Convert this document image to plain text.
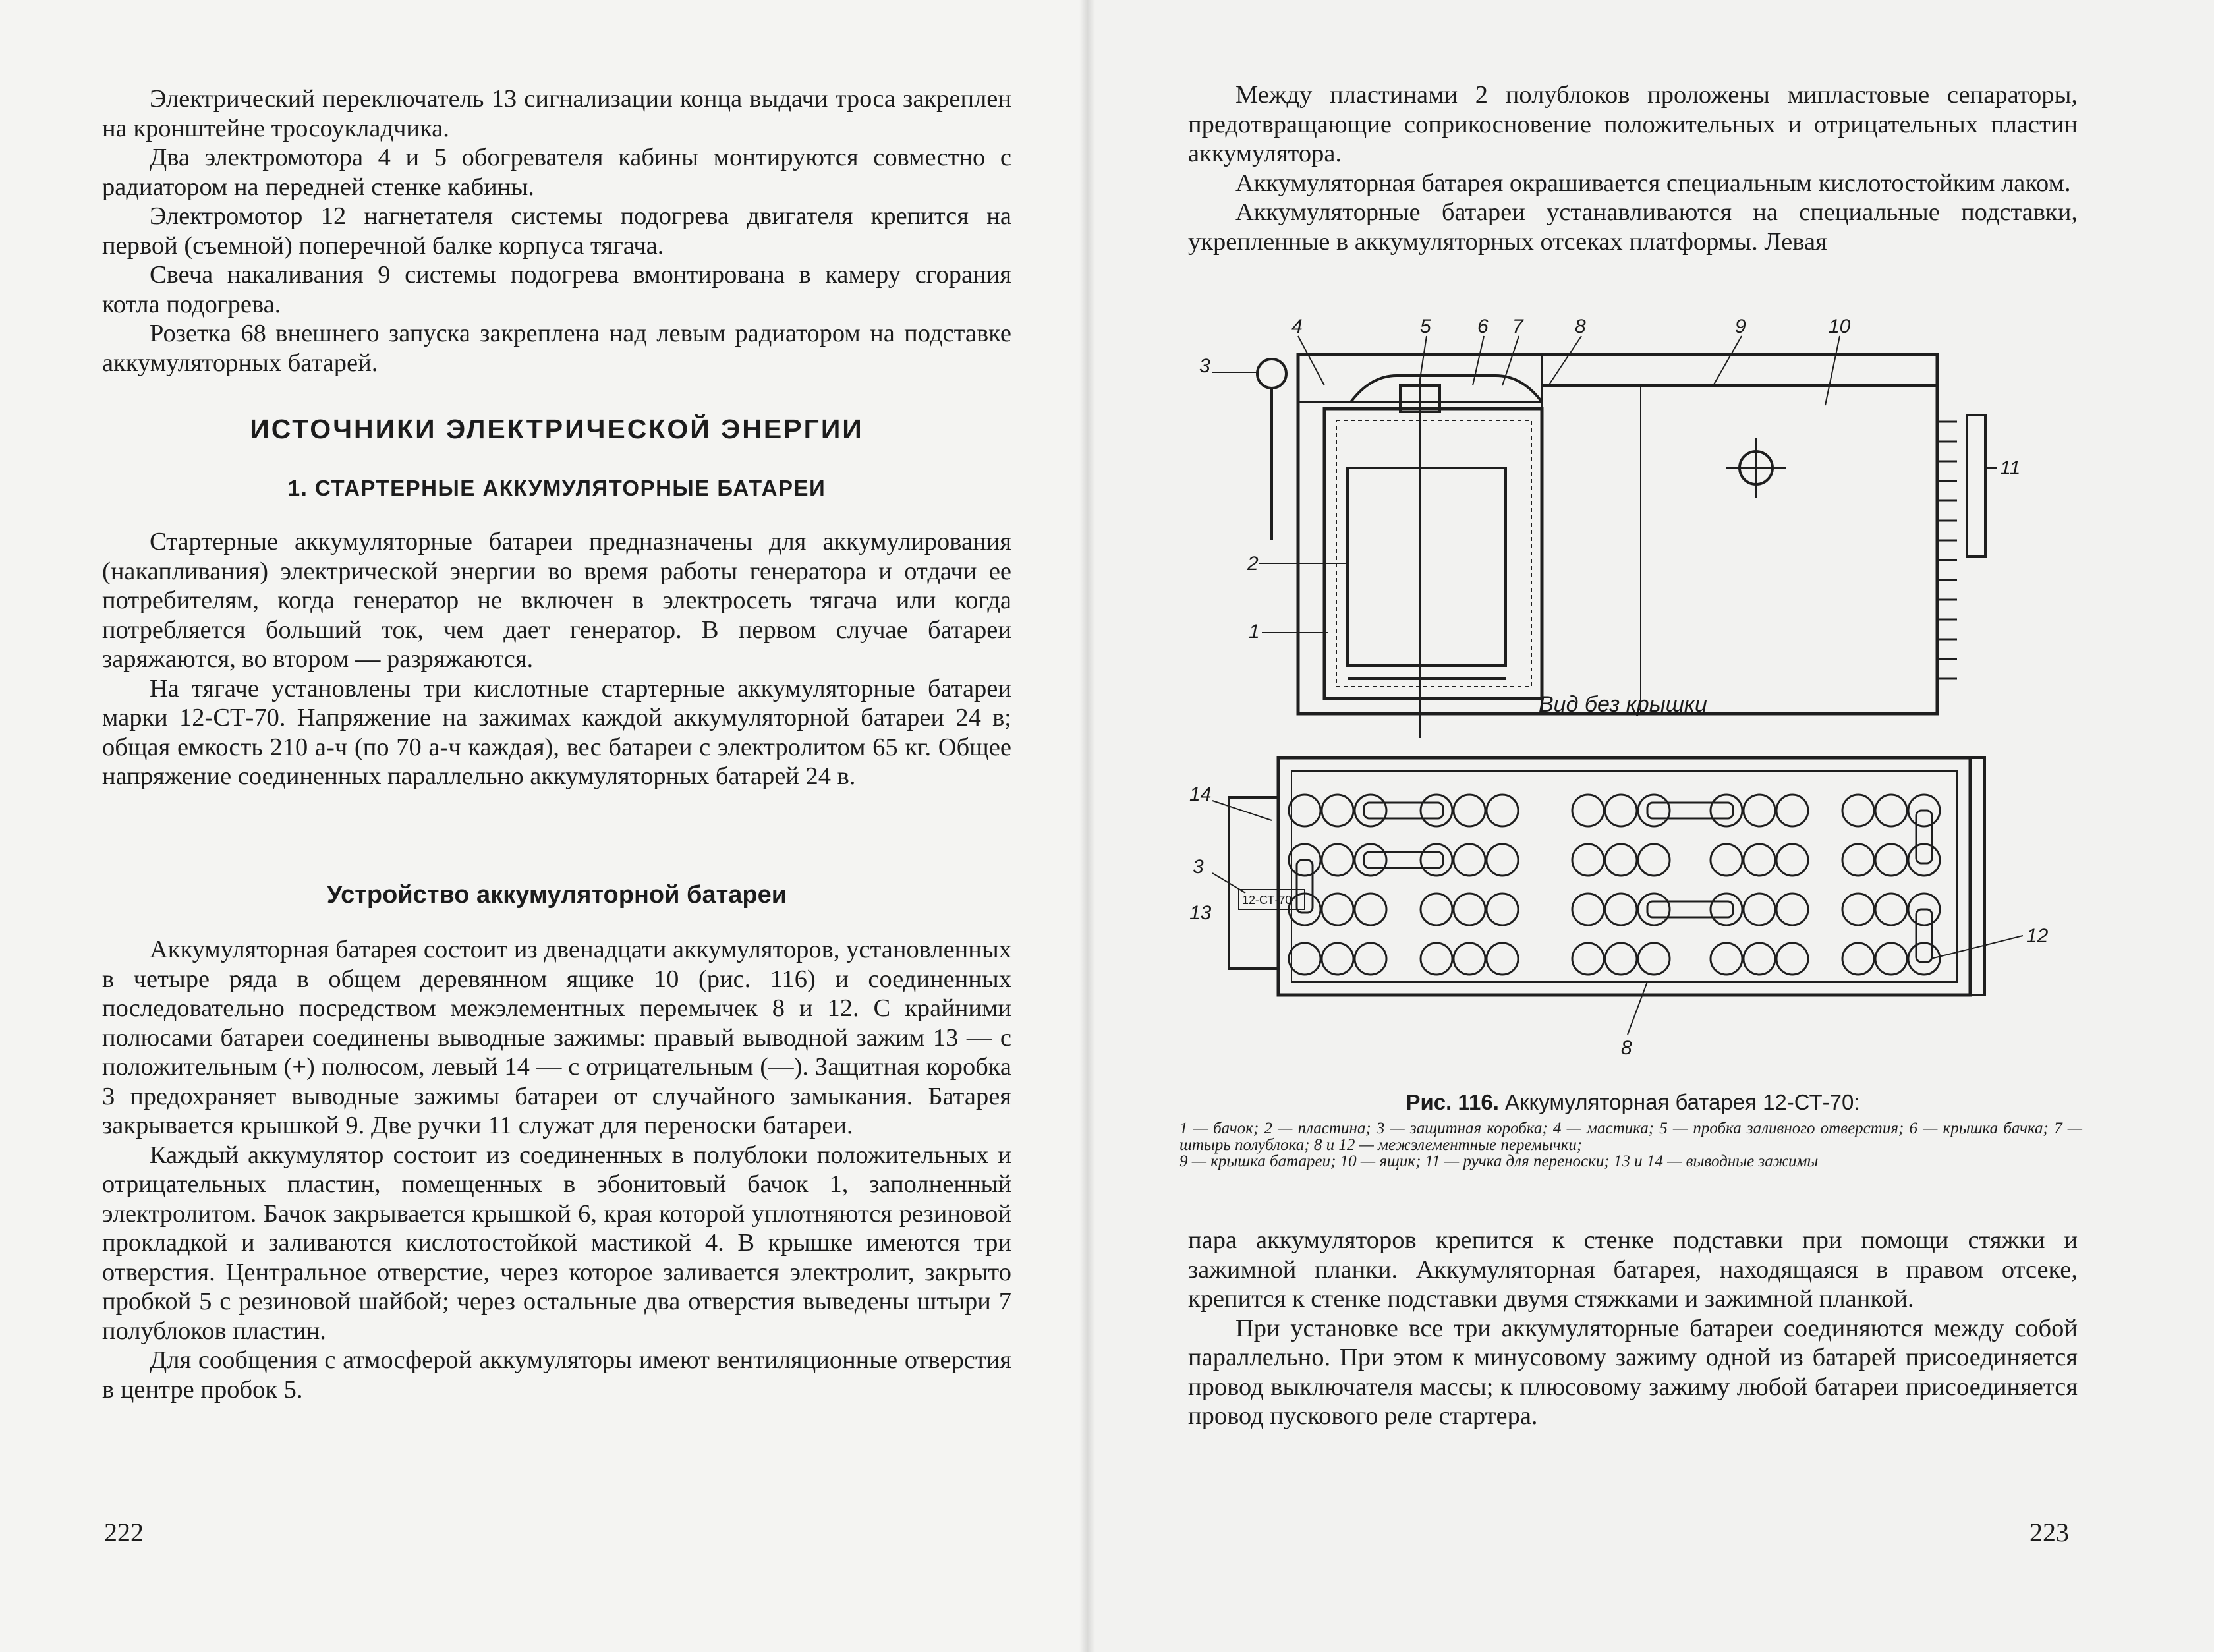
Электрический переключатель 13 сигнализации конца выдачи троса закреплен на кронштейне тросоукладчика.

Два электромотора 4 и 5 обогревателя кабины монтируются совместно с радиатором на передней стенке кабины.

Электромотор 12 нагнетателя системы подогрева двигателя крепится на первой (съемной) поперечной балке корпуса тягача.

Свеча накаливания 9 системы подогрева вмонтирована в камеру сгорания котла подогрева.

Розетка 68 внешнего запуска закреплена над левым радиатором на подставке аккумуляторных батарей.

ИСТОЧНИКИ ЭЛЕКТРИЧЕСКОЙ ЭНЕРГИИ
1. СТАРТЕРНЫЕ АККУМУЛЯТОРНЫЕ БАТАРЕИ

Стартерные аккумуляторные батареи предназначены для аккумулирования (накапливания) электрической энергии во время работы генератора и отдачи ее потребителям, когда генератор не включен в электросеть тягача или когда потребляется больший ток, чем дает генератор. В первом случае батареи заряжаются, во втором — разряжаются.

На тягаче установлены три кислотные стартерные аккумуляторные батареи марки 12-СТ-70. Напряжение на зажимах каждой аккумуляторной батареи 24 в; общая емкость 210 а-ч (по 70 а-ч каждая), вес батареи с электролитом 65 кг. Общее напряжение соединенных параллельно аккумуляторных батарей 24 в.

Устройство аккумуляторной батареи

Аккумуляторная батарея состоит из двенадцати аккумуляторов, установленных в четыре ряда в общем деревянном ящике 10 (рис. 116) и соединенных последовательно посредством межэлементных перемычек 8 и 12. С крайними полюсами батареи соединены выводные зажимы: правый выводной зажим 13 — с положительным (+) полюсом, левый 14 — с отрицательным (—). Защитная коробка 3 предохраняет выводные зажимы батареи от случайного замыкания. Батарея закрывается крышкой 9. Две ручки 11 служат для переноски батареи.

Каждый аккумулятор состоит из соединенных в полублоки положительных и отрицательных пластин, помещенных в эбонитовый бачок 1, заполненный электролитом. Бачок закрывается крышкой 6, края которой уплотняются резиновой прокладкой и заливаются кислотостойкой мастикой 4. В крышке имеются три отверстия. Центральное отверстие, через которое заливается электролит, закрыто пробкой 5 с резиновой шайбой; через остальные два отверстия выведены штыри 7 полублоков пластин.

Для сообщения с атмосферой аккумуляторы имеют вентиляционные отверстия в центре пробок 5.

222

Между пластинами 2 полублоков проложены мипластовые сепараторы, предотвращающие соприкосновение положительных и отрицательных пластин аккумулятора.

Аккумуляторная батарея окрашивается специальным кислотостойким лаком.

Аккумуляторные батареи устанавливаются на специальные подставки, укрепленные в аккумуляторных отсеках платформы. Левая

3
2
1
4	5 6 7	8	9	10
11
Вид без крышки
14
3
13
12
8
12-СТ-70
Рис. 116. Аккумуляторная батарея 12-СТ-70:

1 — бачок; 2 — пластина; 3 — защитная коробка; 4 — мастика; 5 — пробка заливного отверстия; 6 — крышка бачка; 7 — штырь полублока; 8 и 12 — межэлементные перемычки;

9 — крышка батареи; 10 — ящик; 11 — ручка для переноски; 13 и 14 — выводные зажимы

пара аккумуляторов крепится к стенке подставки при помощи стяжки и зажимной планки. Аккумуляторная батарея, находящаяся в правом отсеке, крепится к стенке подставки двумя стяжками и зажимной планкой.

При установке все три аккумуляторные батареи соединяются между собой параллельно. При этом к минусовому зажиму одной из батарей присоединяется провод выключателя массы; к плюсовому зажиму любой батареи присоединяется провод пускового реле стартера.

223
